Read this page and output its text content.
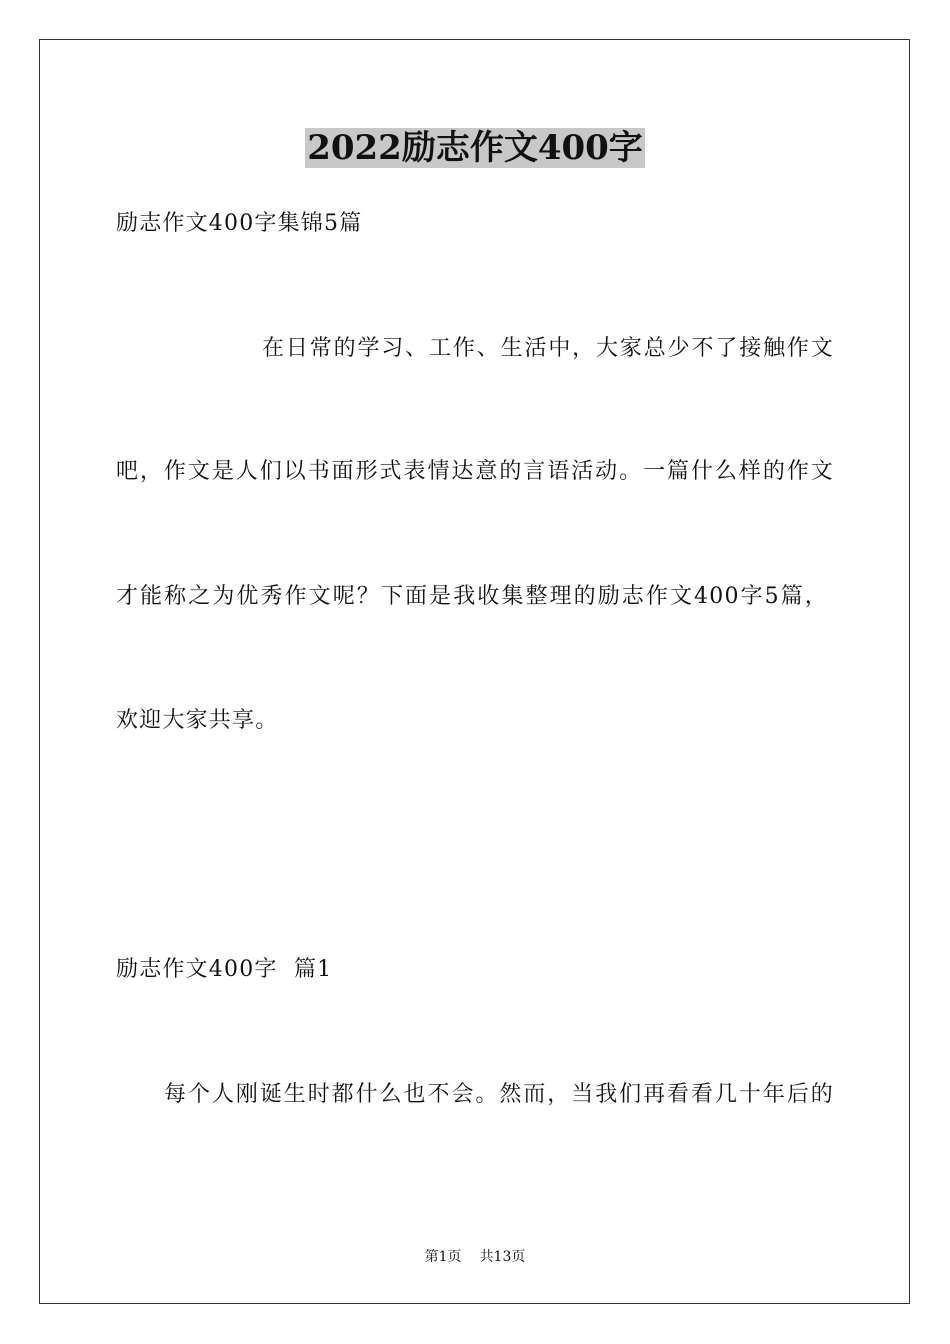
2022励志作文400字
励志作文400字集锦5篇
在日常的学习、工作、生活中，大家总少不了接触作文
吧，作文是人们以书面形式表情达意的言语活动。一篇什么样的作文
才能称之为优秀作文呢？下面是我收集整理的励志作文400字5篇，
欢迎大家共享。
励志作文400字  篇1
每个人刚诞生时都什么也不会。然而，当我们再看看几十年后的
第1页 共13页
